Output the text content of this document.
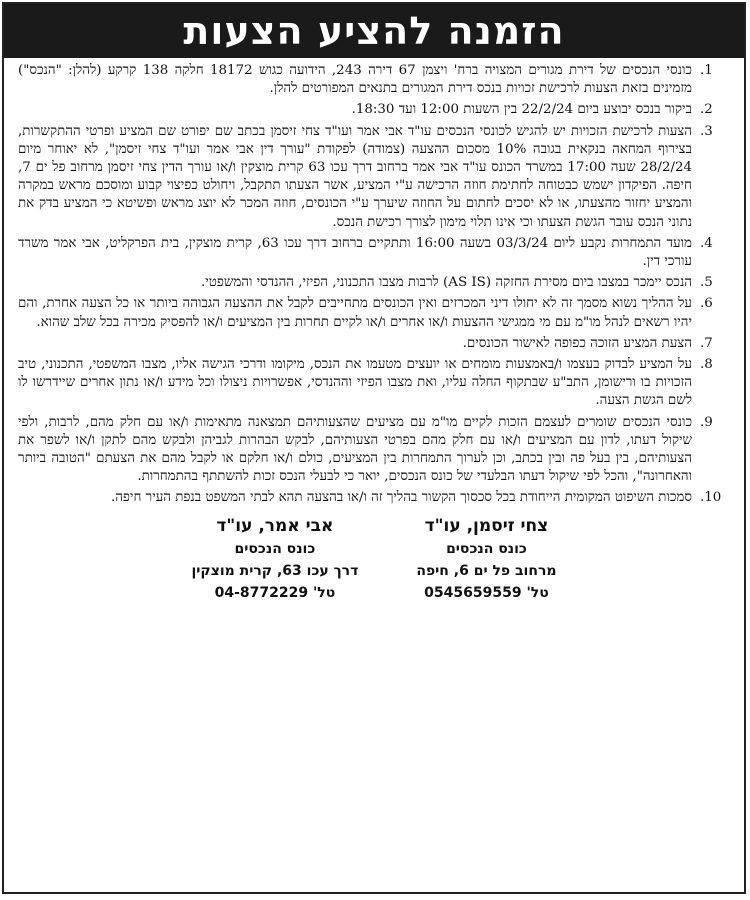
הזמנה להציע הצעות
.1
כונסי הנכסים של דירת מגורים המצויה ברח' ויצמן 67 דירה 243, הידועה כגוש 18172 חלקה 138 קרקע (להלן: "הנכס") מזמינים בזאת הצעות לרכישת זכויות בנכס דירת המגורים בתנאים המפורטים להלן.
.2
ביקור בנכס יבוצע ביום 22/2/24 בין השעות 12:00 ועד 18:30.
.3
הצעות לרכישת הזכויות יש להגיש לכונסי הנכסים עו"ד אבי אמר ועו"ד צחי זיסמן בכתב שם יפורט שם המציע ופרטי ההתקשרות, בצירוף המחאה בנקאית בגובה 10% מסכום ההצעה (צמודה) לפקודת "עורך דין אבי אמר ועו"ד צחי זיסמן", לא יאוחר מיום 28/2/24 שעה 17:00 במשרד הכונס עו"ד אבי אמר ברחוב דרך עכו 63 קרית מוצקין ו/או עורך הדין צחי זיסמן מרחוב פל ים 7, חיפה. הפיקדון ישמש כבטוחה לחתימת חוזה הרכישה ע"י המציע, אשר הצעתו תתקבל, ויחולט כפיצוי קבוע ומוסכם מראש במקרה והמציע יחזור מהצעתו, או לא יסכים לחתום על החוזה שיערך ע"י הכונסים, חוזה המכר לא יוצג מראש ופשיטא כי המציע בדק את נתוני הנכס עובר הגשת הצעתו וכי אינו תלוי מימון לצורך רכישת הנכס.
.4
מועד התמחרות נקבע ליום 03/3/24 בשעה 16:00 ותתקיים ברחוב דרך עכו 63, קרית מוצקין, בית הפרקליט, אבי אמר משרד עורכי דין.
.5
הנכס יימכר במצבו ביום מסירת החזקה (AS IS) לרבות מצבו התכנוני, הפיזי, ההנדסי והמשפטי.
.6
על ההליך נשוא מסמך זה לא יחולו דיני המכרזים ואין הכונסים מתחייבים לקבל את ההצעה הגבוהה ביותר או כל הצעה אחרת, והם יהיו רשאים לנהל מו"מ עם מי ממגישי ההצעות ו/או אחרים ו/או לקיים תחרות בין המציעים ו/או להפסיק מכירה בכל שלב שהוא.
.7
הצעת המציע הזוכה כפופה לאישור הכונסים.
.8
על המציע לבדוק בעצמו ו/באמצעות מומחים או יועצים מטעמו את הנכס, מיקומו ודרכי הגישה אליו, מצבו המשפטי, התכנוני, טיב הזכויות בו ורישומן, התב"ע שבתקוף החלה עליו, ואת מצבו הפיזי וההנדסי, אפשרויות ניצולו וכל מידע ו/או נתון אחרים שיידרשו לו לשם הגשת הצעה.
.9
כונסי הנכסים שומרים לעצמם הזכות לקיים מו"מ עם מציעים שהצעותיהם תמצאנה מתאימות ו/או עם חלק מהם, לרבות, ולפי שיקול דעתו, לדון עם המציעים ו/או עם חלק מהם בפרטי הצעותיהם, לבקש הבהרות לגביהן ולבקש מהם לתקן ו/או לשפר את הצעותיהם, בין בעל פה ובין בכתב, וכן לערוך התמחרות בין המציעים, כולם ו/או חלקם או לקבל מהם את הצעתם "הטובה ביותר והאחרונה", והכל לפי שיקול דעתו הבלעדי של כונס הנכסים, יואר כי לבעלי הנכס זכות להשתתף בהתמחרות.
.10
סמכות השיפוט המקומית הייחודת בכל סכסוך הקשור בהליך זה ו/או בהצעה תהא לבתי המשפט בנפת העיר חיפה.
צחי זיסמן, עו"ד
כונס הנכסים
מרחוב פל ים 6, חיפה
טל' 0545659559
אבי אמר, עו"ד
כונס הנכסים
דרך עכו 63, קרית מוצקין
טל' 04-8772229
